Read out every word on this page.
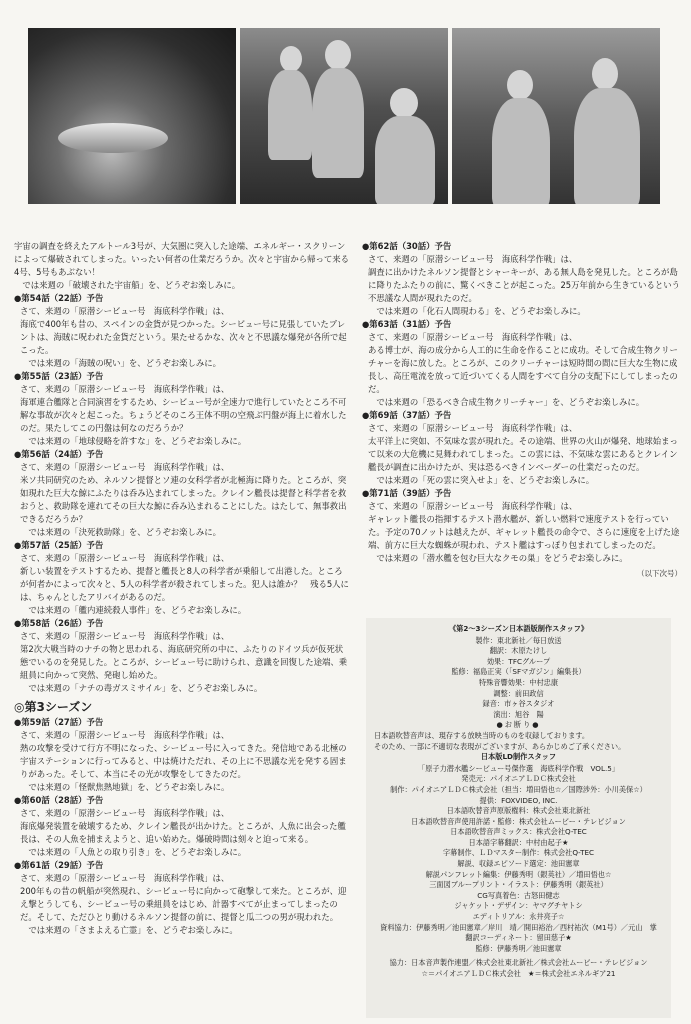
宇宙の調査を終えたアルトール3号が、大気圏に突入した途端、エネルギー・スクリーンによって爆破されてしまった。いったい何者の仕業だろうか。次々と宇宙から帰って来る4号、5号もあぶない！
　では来週の「破壊された宇宙船」を、どうぞお楽しみに。
●第54話（22話）予告
さて、来週の「原潜シービュー号　海底科学作戦」は、
海底で400年も昔の、スペインの金貨が見つかった。シービュー号に見張していたブレントは、海賊に呪われた金貨だという。果たせるかな、次々と不思議な爆発が各所で起こった。
　では来週の「海賊の呪い」を、どうぞお楽しみに。
●第55話（23話）予告
さて、来週の「原潜シービュー号　海底科学作戦」は、
海軍連合艦隊と合同演習をするため、シービュー号が全速力で進行していたところ不可解な事故が次々と起こった。ちょうどそのころ王体不明の空飛ぶ円盤が海上に着水したのだ。果たしてこの円盤は何なのだろうか？
　では来週の「地球侵略を許すな」を、どうぞお楽しみに。
●第56話（24話）予告
さて、来週の「原潜シービュー号　海底科学作戦」は、
米ソ共同研究のため、ネルソン提督とソ連の女科学者が北極海に降りた。ところが、突如現れた巨大な鯨にふたりは呑み込まれてしまった。クレイン艦長は提督と科学者を救おうと、救助隊を連れてその巨大な鯨に呑み込まれることにした。はたして、無事救出できるだろうか？
　では来週の「決死救助隊」を、どうぞお楽しみに。
●第57話（25話）予告
さて、来週の「原潜シービュー号　海底科学作戦」は、
新しい装置をテストするため、提督と艦長と8人の科学者が乗船して出港した。ところが何者かによって次々と、5人の科学者が殺されてしまった。犯人は誰か？　残る5人には、ちゃんとしたアリバイがあるのだ。
　では来週の「艦内連続殺人事件」を、どうぞお楽しみに。
●第58話（26話）予告
さて、来週の「原潜シービュー号　海底科学作戦」は、
第2次大戦当時のナチの物と思われる、海底研究所の中に、ふたりのドイツ兵が仮死状態でいるのを発見した。ところが、シービュー号に助けられ、意識を回復した途端、乗組員に向かって突然、発砲し始めた。
　では来週の「ナチの毒ガスミサイル」を、どうぞお楽しみに。
◎第3シーズン
●第59話（27話）予告
さて、来週の「原潜シービュー号　海底科学作戦」は、
熱の攻撃を受けて行方不明になった、シービュー号に入ってきた。発信地である北極の宇宙ステーションに行ってみると、中は焼けただれ、その上に不思議な光を発する固まりがあった。そして、本当にその光が攻撃をしてきたのだ。
　では来週の「怪獣焦熱地獄」を、どうぞお楽しみに。
●第60話（28話）予告
さて、来週の「原潜シービュー号　海底科学作戦」は、
海底爆発装置を破壊するため、クレイン艦長が出かけた。ところが、人魚に出会った艦長は、その人魚を捕まえようと、追い始めた。爆破時間は刻々と迫って来る。
　では来週の「人魚との取り引き」を、どうぞお楽しみに。
●第61話（29話）予告
さて、来週の「原潜シービュー号　海底科学作戦」は、
200年もの昔の帆船が突然現れ、シービュー号に向かって砲撃して来た。ところが、迎え撃とうしても、シービュー号の乗組員をはじめ、計器すべてが止まってしまったのだ。そして、ただひとり動けるネルソン提督の前に、提督と瓜二つの男が現われた。
　では来週の「さまよえる亡霊」を、どうぞお楽しみに。
●第62話（30話）予告
さて、来週の「原潜シービュー号　海底科学作戦」は、
調査に出かけたネルソン提督とシャーキーが、ある無人島を発見した。ところが島に降りたふたりの前に、驚くべきことが起こった。25万年前から生きているという不思議な人間が現れたのだ。
　では来週の「化石人間現わる」を、どうぞお楽しみに。
●第63話（31話）予告
さて、来週の「原潜シービュー号　海底科学作戦」は、
ある博士が、海の成分から人工的に生命を作ることに成功。そして合成生物クリーチャーを海に放した。ところが、このクリーチャーは短時間の間に巨大な生物に成長し、高圧電流を放って近づいてくる人間をすべて自分の支配下にしてしまったのだ。
　では来週の「恐るべき合成生物クリーチャー」を、どうぞお楽しみに。
●第69話（37話）予告
さて、来週の「原潜シービュー号　海底科学作戦」は、
太平洋上に突如、不気味な雲が現れた。その途端、世界の火山が爆発、地球始まって以来の大危機に見舞われてしまった。この雲には、不気味な雲にあるとクレイン艦長が調査に出かけたが、実は恐るべきインベーダーの仕業だったのだ。
　では来週の「死の雲に突入せよ」を、どうぞお楽しみに。
●第71話（39話）予告
さて、来週の「原潜シービュー号　海底科学作戦」は、
ギャレット艦長の指揮するテスト潜水艦が、新しい燃料で速度テストを行っていた。予定の70ノットは越えたが、ギャレット艦長の命令で、さらに速度を上げた途端、前方に巨大な蜘蛛が現われ、テスト艦はすっぽり包まれてしまったのだ。
　では来週の「潜水艦を包む巨大なクモの巣」をどうぞお楽しみに。
（以下次号）
《第2～3シーズン日本語版制作スタッフ》
製作：東北新社／毎日放送
翻訳：木原たけし
効果：TFCグループ
監修：福島正実（「SFマガジン」編集長）
特殊音響効果：中村忠康
調整：前田政信
録音：市ヶ谷スタジオ
演出：旭谷　陽
●お断り●
日本語吹替音声は、現存する放映当時のものを収録しております。
そのため、一部に不適切な表現がございますが、あらかじめご了承ください。
日本版LD制作スタッフ
「原子力潜水艦シービュー号傑作選　海底科学作戦　VOL.5」
発売元：パイオニアＬＤＣ株式会社
制作：パイオニアＬＤＣ株式会社（担当：増田悟也☆／国際涉外：小川美保☆）
提供：FOXVIDEO, INC.
日本語吹替音声原版権料：株式会社東北新社
日本語吹替音声使用許諾・監修：株式会社ムービー・テレビジョン
日本語吹替音声ミックス：株式会社Q-TEC
日本語字幕翻訳：中村由起子★
字幕制作、ＬＤマスター制作：株式会社Q-TEC
解説、収録エピソード選定：池田憲章
解説パンフレット編集：伊藤秀明（銀英社）／増田悟也☆
三面図ブループリント・イラスト：伊藤秀明（銀英社）
CG写真着色：古怒田健志
ジャケット・デザイン：ヤマグチヤトシ
エディトリアル：永井亮子☆
資料協力：伊藤秀明／池田憲章／岸川　靖／開田裕治／西村祐次（M1号）／元山　掌
翻訳コーディネート：留田慈子★
監修：伊藤秀明／池田憲章
協力：日本音声製作連盟／株式会社東北新社／株式会社ムービー・テレビジョン
☆＝パイオニアＬＤＣ株式会社　★＝株式会社エネルギア21
